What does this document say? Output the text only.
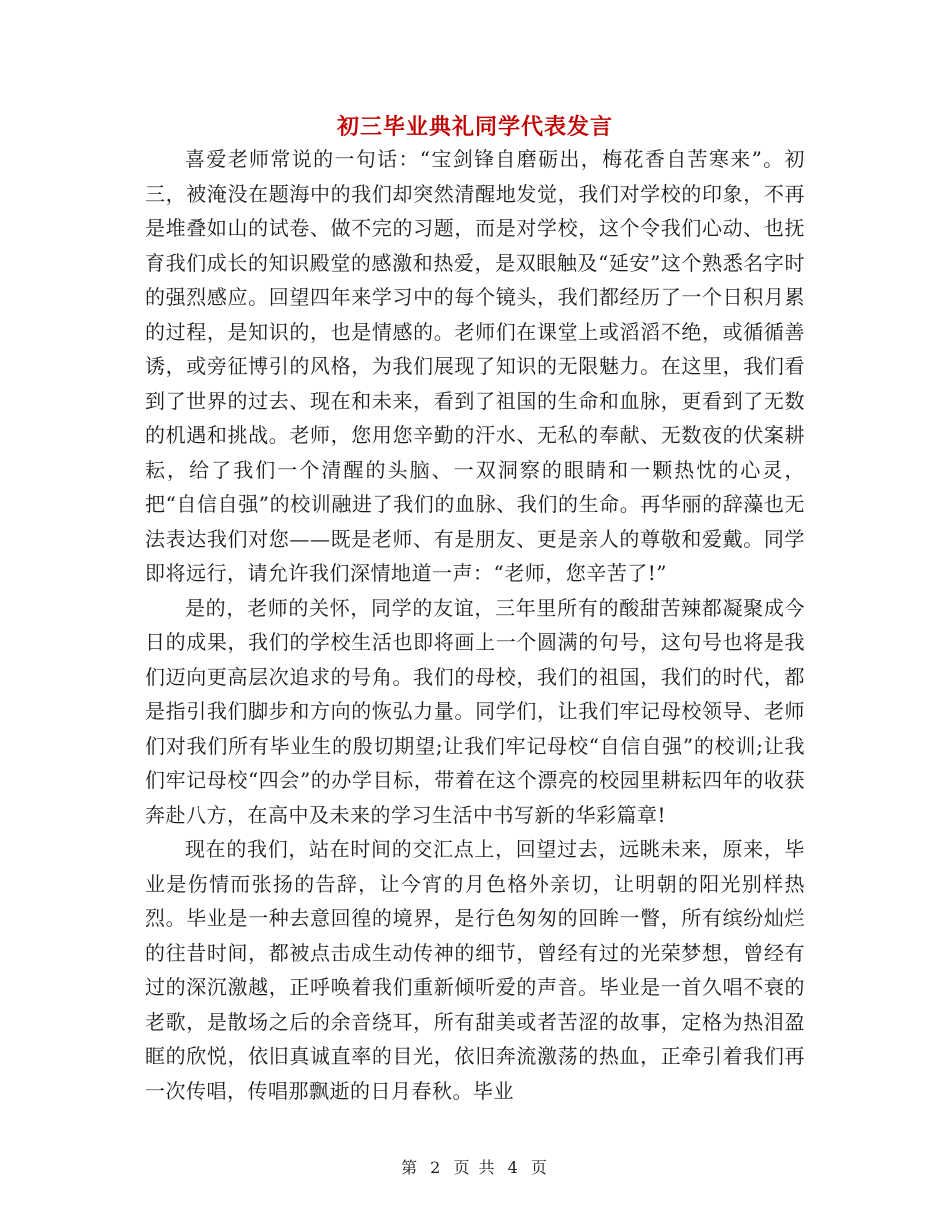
初三毕业典礼同学代表发言

喜爱老师常说的一句话：“宝剑锋自磨砺出，梅花香自苦寒来”。初三，被淹没在题海中的我们却突然清醒地发觉，我们对学校的印象，不再是堆叠如山的试卷、做不完的习题，而是对学校，这个令我们心动、也抚育我们成长的知识殿堂的感激和热爱，是双眼触及“延安”这个熟悉名字时的强烈感应。回望四年来学习中的每个镜头，我们都经历了一个日积月累的过程，是知识的，也是情感的。老师们在课堂上或滔滔不绝，或循循善诱，或旁征博引的风格，为我们展现了知识的无限魅力。在这里，我们看到了世界的过去、现在和未来，看到了祖国的生命和血脉，更看到了无数的机遇和挑战。老师，您用您辛勤的汗水、无私的奉献、无数夜的伏案耕耘，给了我们一个清醒的头脑、一双洞察的眼睛和一颗热忱的心灵，把“自信自强”的校训融进了我们的血脉、我们的生命。再华丽的辞藻也无法表达我们对您——既是老师、有是朋友、更是亲人的尊敬和爱戴。同学即将远行，请允许我们深情地道一声：“老师，您辛苦了!”

是的，老师的关怀，同学的友谊，三年里所有的酸甜苦辣都凝聚成今日的成果，我们的学校生活也即将画上一个圆满的句号，这句号也将是我们迈向更高层次追求的号角。我们的母校，我们的祖国，我们的时代，都是指引我们脚步和方向的恢弘力量。同学们，让我们牢记母校领导、老师们对我们所有毕业生的殷切期望;让我们牢记母校“自信自强”的校训;让我们牢记母校“四会”的办学目标，带着在这个漂亮的校园里耕耘四年的收获奔赴八方，在高中及未来的学习生活中书写新的华彩篇章!

现在的我们，站在时间的交汇点上，回望过去，远眺未来，原来，毕业是伤情而张扬的告辞，让今宵的月色格外亲切，让明朝的阳光别样热烈。毕业是一种去意回徨的境界，是行色匆匆的回眸一瞥，所有缤纷灿烂的往昔时间，都被点击成生动传神的细节，曾经有过的光荣梦想，曾经有过的深沉激越，正呼唤着我们重新倾听爱的声音。毕业是一首久唱不衰的老歌，是散场之后的余音绕耳，所有甜美或者苦涩的故事，定格为热泪盈眶的欣悦，依旧真诚直率的目光，依旧奔流激荡的热血，正牵引着我们再一次传唱，传唱那飘逝的日月春秋。毕业

第 2 页 共 4 页
